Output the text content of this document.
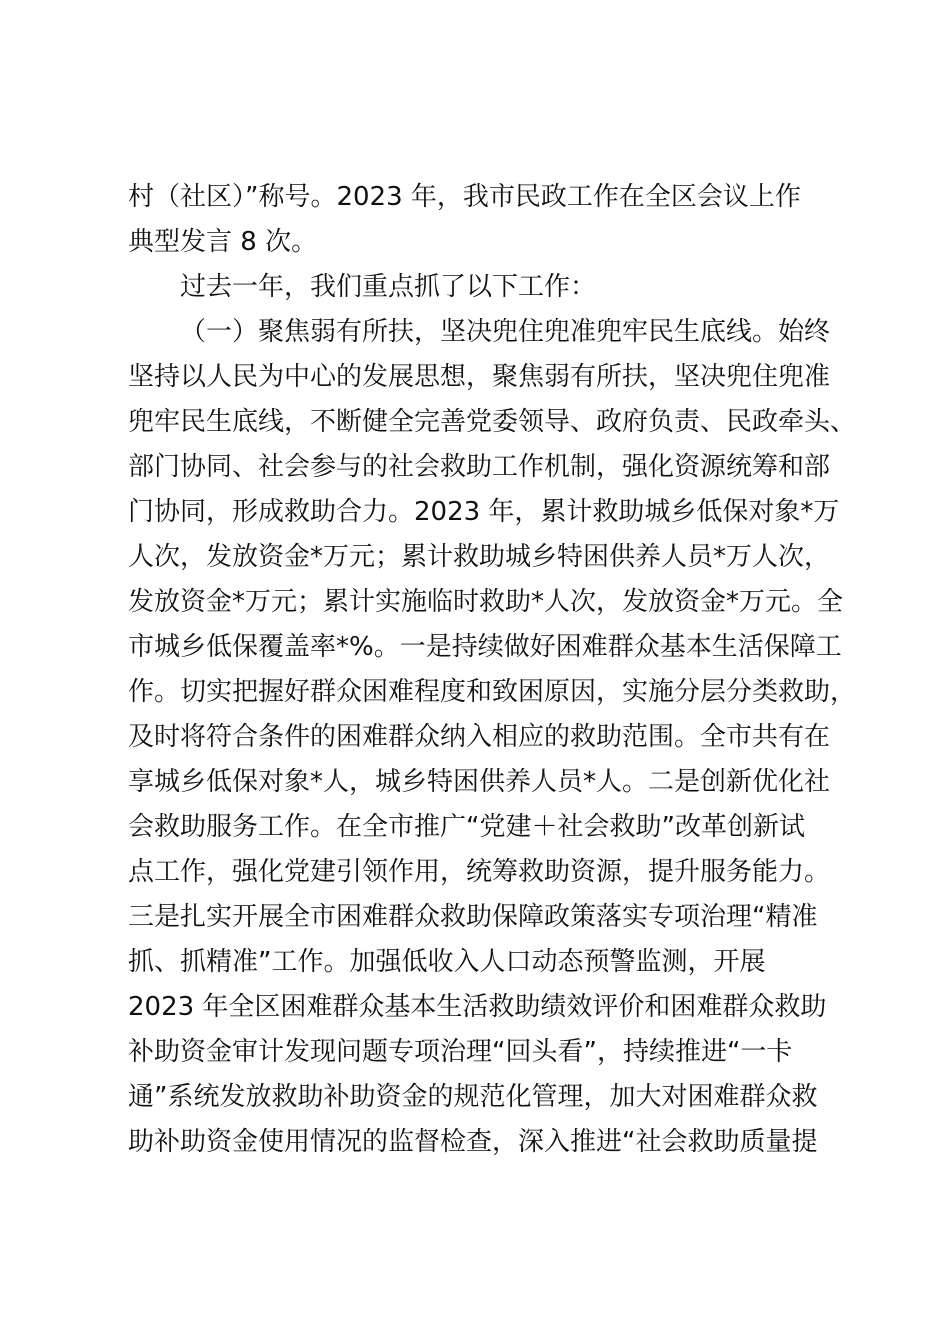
村（社区）”称号。2023 年，我市民政工作在全区会议上作
典型发言 8 次。
过去一年，我们重点抓了以下工作：
（一）聚焦弱有所扶，坚决兜住兜准兜牢民生底线。始终
坚持以人民为中心的发展思想，聚焦弱有所扶，坚决兜住兜准
兜牢民生底线，不断健全完善党委领导、政府负责、民政牵头、
部门协同、社会参与的社会救助工作机制，强化资源统筹和部
门协同，形成救助合力。2023 年，累计救助城乡低保对象*万
人次，发放资金*万元；累计救助城乡特困供养人员*万人次，
发放资金*万元；累计实施临时救助*人次，发放资金*万元。全
市城乡低保覆盖率*%。一是持续做好困难群众基本生活保障工
作。切实把握好群众困难程度和致困原因，实施分层分类救助，
及时将符合条件的困难群众纳入相应的救助范围。全市共有在
享城乡低保对象*人，城乡特困供养人员*人。二是创新优化社
会救助服务工作。在全市推广“党建＋社会救助”改革创新试
点工作，强化党建引领作用，统筹救助资源，提升服务能力。
三是扎实开展全市困难群众救助保障政策落实专项治理“精准
抓、抓精准”工作。加强低收入人口动态预警监测，开展
2023 年全区困难群众基本生活救助绩效评价和困难群众救助
补助资金审计发现问题专项治理“回头看”，持续推进“一卡
通”系统发放救助补助资金的规范化管理，加大对困难群众救
助补助资金使用情况的监督检查，深入推进“社会救助质量提
